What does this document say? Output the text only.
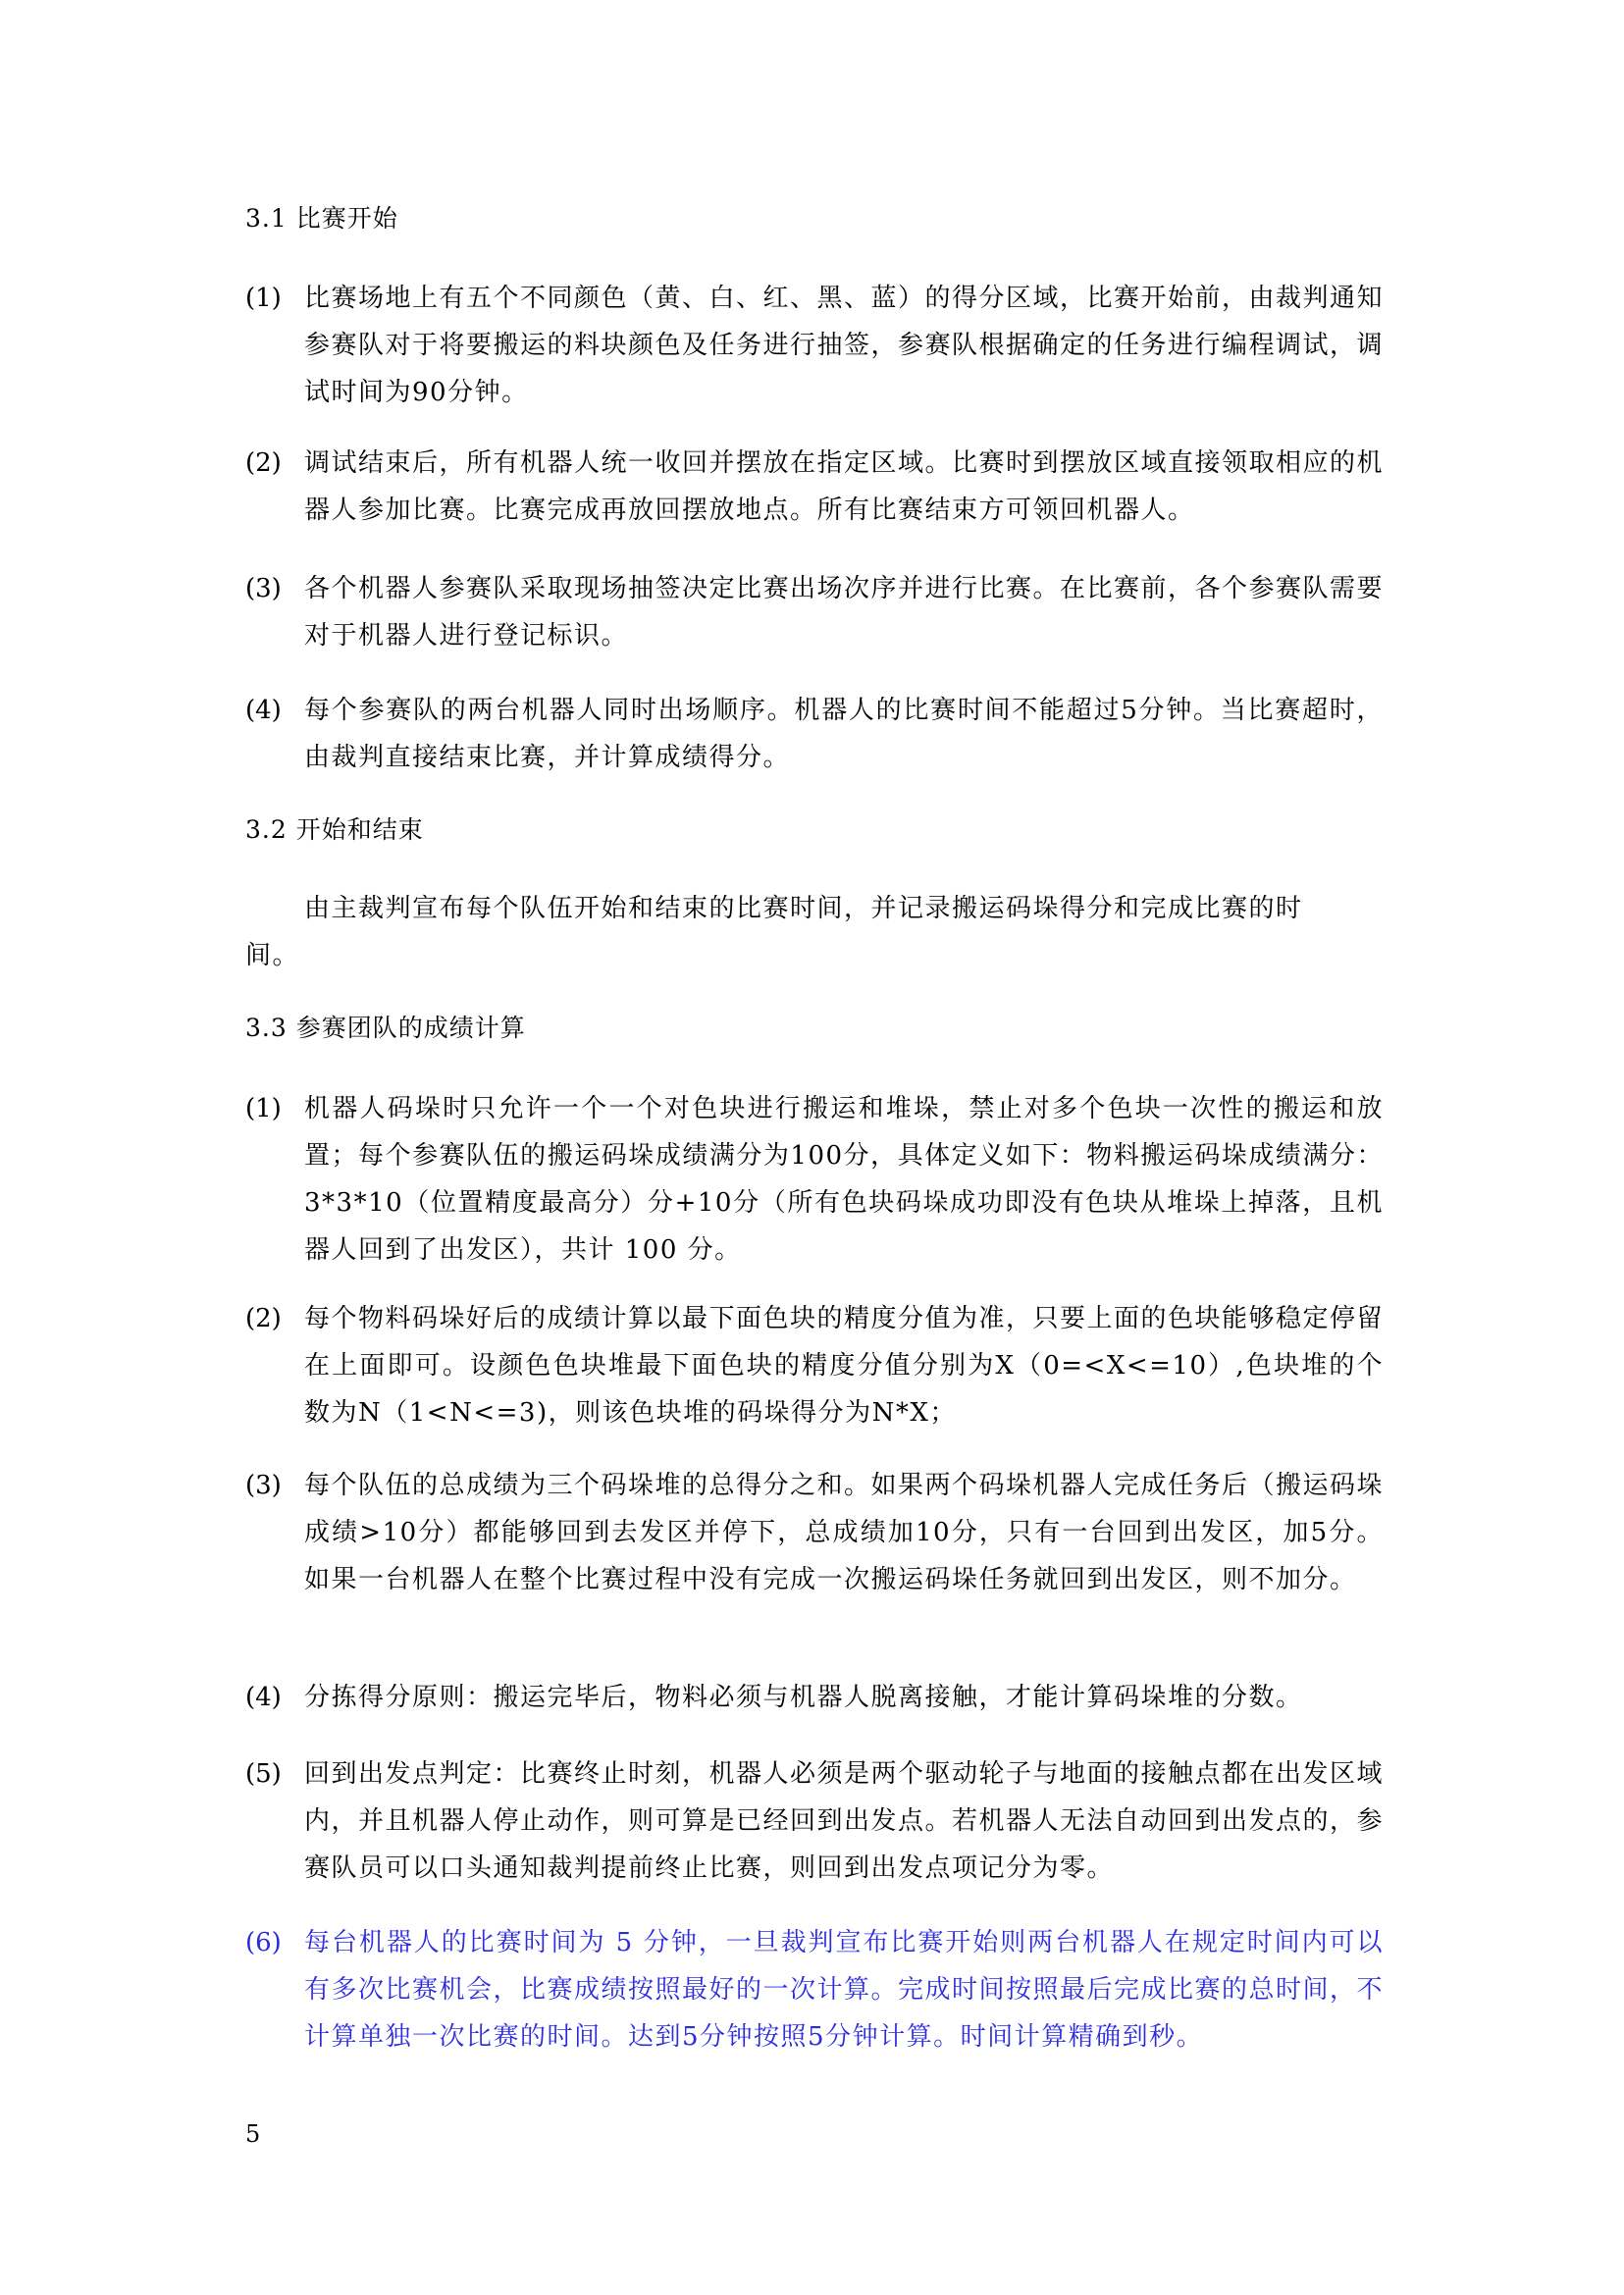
3.1 比赛开始
(1) 比赛场地上有五个不同颜色（黄、白、红、黑、蓝）的得分区域，比赛开始前，由裁判通知参赛队对于将要搬运的料块颜色及任务进行抽签，参赛队根据确定的任务进行编程调试，调试时间为90分钟。
(2) 调试结束后，所有机器人统一收回并摆放在指定区域。比赛时到摆放区域直接领取相应的机器人参加比赛。比赛完成再放回摆放地点。所有比赛结束方可领回机器人。
(3) 各个机器人参赛队采取现场抽签决定比赛出场次序并进行比赛。在比赛前，各个参赛队需要对于机器人进行登记标识。
(4) 每个参赛队的两台机器人同时出场顺序。机器人的比赛时间不能超过5分钟。当比赛超时，由裁判直接结束比赛，并计算成绩得分。
3.2 开始和结束
由主裁判宣布每个队伍开始和结束的比赛时间，并记录搬运码垛得分和完成比赛的时间。
3.3 参赛团队的成绩计算
(1) 机器人码垛时只允许一个一个对色块进行搬运和堆垛，禁止对多个色块一次性的搬运和放置；每个参赛队伍的搬运码垛成绩满分为100分，具体定义如下：物料搬运码垛成绩满分：3*3*10（位置精度最高分）分+10分（所有色块码垛成功即没有色块从堆垛上掉落，且机器人回到了出发区），共计 100 分。
(2) 每个物料码垛好后的成绩计算以最下面色块的精度分值为准，只要上面的色块能够稳定停留在上面即可。设颜色色块堆最下面色块的精度分值分别为X（0=<X<=10）,色块堆的个数为N（1<N<=3)，则该色块堆的码垛得分为N*X；
(3) 每个队伍的总成绩为三个码垛堆的总得分之和。如果两个码垛机器人完成任务后（搬运码垛成绩>10分）都能够回到去发区并停下，总成绩加10分，只有一台回到出发区，加5分。如果一台机器人在整个比赛过程中没有完成一次搬运码垛任务就回到出发区，则不加分。
(4) 分拣得分原则：搬运完毕后，物料必须与机器人脱离接触，才能计算码垛堆的分数。
(5) 回到出发点判定：比赛终止时刻，机器人必须是两个驱动轮子与地面的接触点都在出发区域内，并且机器人停止动作，则可算是已经回到出发点。若机器人无法自动回到出发点的，参赛队员可以口头通知裁判提前终止比赛，则回到出发点项记分为零。
(6) 每台机器人的比赛时间为 5 分钟，一旦裁判宣布比赛开始则两台机器人在规定时间内可以有多次比赛机会，比赛成绩按照最好的一次计算。完成时间按照最后完成比赛的总时间，不计算单独一次比赛的时间。达到5分钟按照5分钟计算。时间计算精确到秒。
5
